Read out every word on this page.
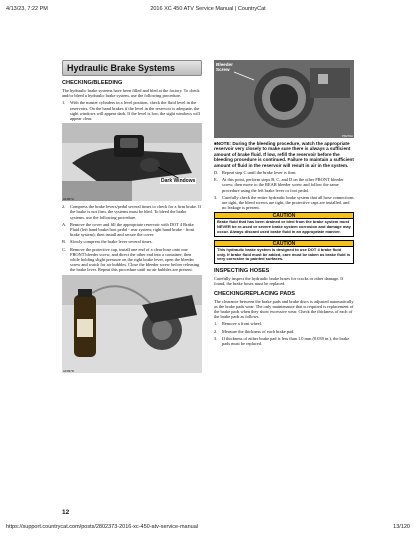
4/13/23, 7:22 PM	2016 XC 450 ATV Service Manual | CountryCat
Hydraulic Brake Systems
CHECKING/BLEEDING

The hydraulic brake systems have been filled and bled at the factory. To check and/or bleed a hydraulic brake system, use the following procedure.

1.	With the master cylinders in a level position, check the fluid level in the reservoirs. On the hand brakes if the level in the reservoir is adequate, the sight windows will appear dark. If the level is low, the sight windows will appear clear.
Dark Windows
AF067A
2.	Compress the brake levers/pedal several times to check for a firm brake. If the brake is not firm, the systems must be bled. To bleed the brake systems, use the following procedure.
A. Remove the cover and fill the appropriate reservoir with DOT 4 Brake Fluid (left hand brake/foot pedal - rear system; right hand brake - front brake system); then install and secure the cover.
B. Slowly compress the brake lever several times.
C. Remove the protective cap, install one end of a clear hose onto one FRONT bleeder screw, and direct the other end into a container; then while holding slight pressure on the right brake lever, open the bleeder screw and watch for air bubbles. Close the bleeder screw before releasing the brake lever. Repeat this procedure until no air bubbles are present.
AF097D
Bleeder Screw
PR270A

■NOTE: During the bleeding procedure, watch the appropriate reservoir very closely to make sure there is always a sufficient amount of brake fluid. If low, refill the reservoir before the bleeding procedure is continued. Failure to maintain a sufficient amount of fluid in the reservoir will result in air in the system.

D. Repeat step C until the brake lever is firm.
E. At this point, perform steps B, C, and D on the other FRONT bleeder screw; then move to the REAR bleeder screw and follow the same procedure using the left brake lever or foot pedal.
3.	Carefully check the entire hydraulic brake system that all hose connections are tight, the bleed screws are tight, the protective caps are installed, and no leakage is present.
CAUTION
Brake fluid that has been drained or bled from the brake system must NEVER be re-used or severe brake system corrosion and damage may occur. Always discard used brake fluid in an appropriate manner.
CAUTION
This hydraulic brake system is designed to use DOT 4 brake fluid only. If brake fluid must be added, care must be taken as brake fluid is very corrosive to painted surfaces.
INSPECTING HOSES

Carefully inspect the hydraulic brake hoses for cracks or other damage. If found, the brake hoses must be replaced.

CHECKING/REPLACING PADS

The clearance between the brake pads and brake discs is adjusted automatically as the brake pads wear. The only maintenance that is required is replacement of the brake pads when they show excessive wear. Check the thickness of each of the brake pads as follows.

1.	Remove a front wheel.
2.	Measure the thickness of each brake pad.
3.	If thickness of either brake pad is less than 1.0 mm (0.039 in.), the brake pads must be replaced.
12
https://support.countrycat.com/posts/2802373-2016-xc-450-atv-service-manual	13/120
